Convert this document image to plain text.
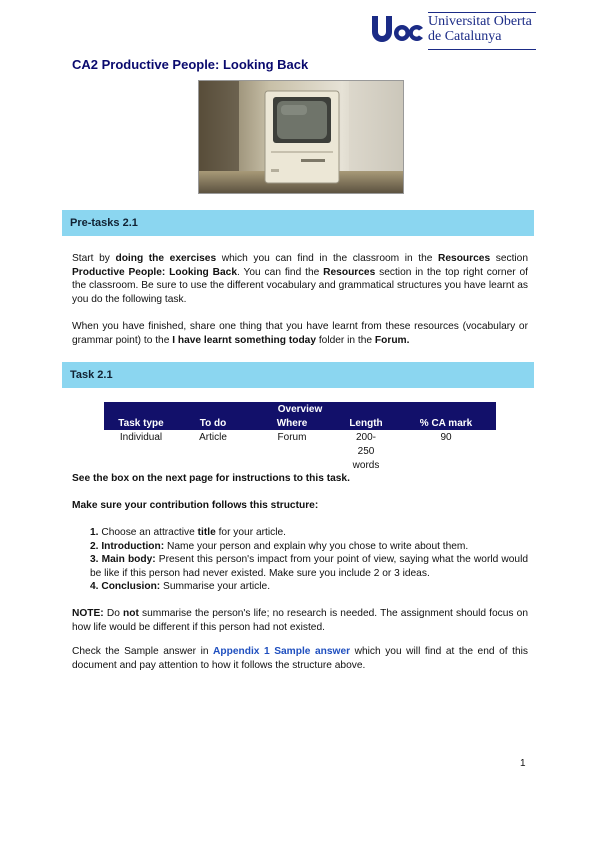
Universitat Oberta
de Catalunya
CA2 Productive People: Looking Back
Pre-tasks 2.1
Start by doing the exercises which you can find in the classroom in the Resources section Productive People: Looking Back. You can find the Resources section in the top right corner of the classroom. Be sure to use the different vocabulary and grammatical structures you have learnt as you do the following task.
When you have finished, share one thing that you have learnt from these resources (vocabulary or grammar point) to the I have learnt something today folder in the Forum.
Task 2.1
Overview				
Task type	To do	Where	Length	% CA mark
Individual	Article	Forum	200-250 words	90
See the box on the next page for instructions to this task.
Make sure your contribution follows this structure:
1. Choose an attractive title for your article.
2. Introduction: Name your person and explain why you chose to write about them.
3. Main body: Present this person's impact from your point of view, saying what the world would be like if this person had never existed. Make sure you include 2 or 3 ideas.
4. Conclusion: Summarise your article.
NOTE: Do not summarise the person's life; no research is needed. The assignment should focus on how life would be different if this person had not existed.
Check the Sample answer in Appendix 1 Sample answer which you will find at the end of this document and pay attention to how it follows the structure above.
1
